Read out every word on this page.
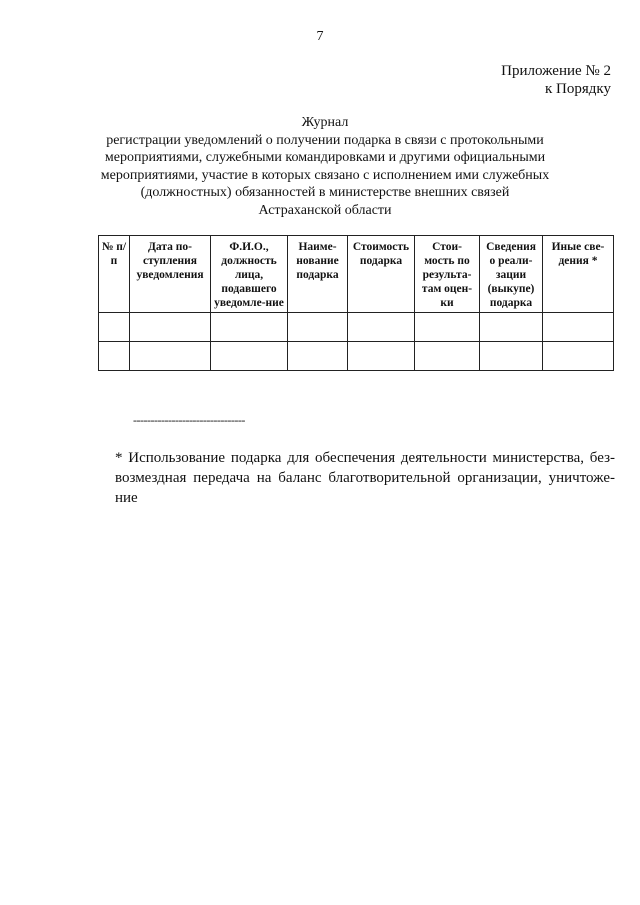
7
Приложение № 2
к Порядку
Журнал
регистрации уведомлений о получении подарка в связи с протокольными
мероприятиями, служебными командировками и другими официальными
мероприятиями, участие в которых связано с исполнением ими служебных
(должностных) обязанностей в министерстве внешних связей
Астраханской области
№ п/п	Дата по-ступления уведомления	Ф.И.О., должность лица, подавшего уведомле-ние	Наиме-нование подарка	Стоимость подарка	Стои-мость по результа-там оцен-ки	Сведения о реали-зации (выкупе) подарка	Иные све-дения *

--------------------------------
* Использование подарка для обеспечения деятельности министерства, без-возмездная передача на баланс благотворительной организации, уничтоже-ние
